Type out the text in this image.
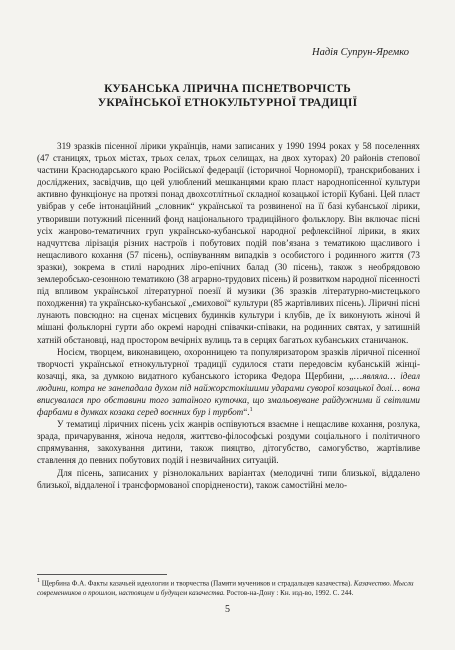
Надія Супрун-Яремко
КУБАНСЬКА ЛІРИЧНА ПІСНЕТВОРЧІСТЬ
УКРАЇНСЬКОЇ ЕТНОКУЛЬТУРНОЇ ТРАДИЦІЇ

319 зразків пісенної лірики українців, нами записаних у 1990 1994 роках у 58 поселеннях (47 станицях, трьох містах, трьох селах, трьох селищах, на двох хуторах) 20 районів степової частини Краснодарського краю Російської федерації (історичної Чорноморії), транскрибованих і досліджених, засвідчив, що цей улюблений мешканцями краю пласт народнопісенної культури активно функціонує на протязі понад двохсотлітньої складної козацької історії Кубані. Цей пласт увібрав у себе інтонаційний „словник“ української та розвиненої на її базі кубанської лірики, утворивши потужний пісенний фонд національного традиційного фольклору. Він включає пісні усіх жанрово-тематичних груп українсько-кубанської народної рефлексійної лірики, в яких надчуттєва лірізація різних настроїв і побутових подій пов’язана з тематикою щасливого і нещасливого кохання (57 пісень), оспівуванням випадків з особистого і родинного життя (73 зразки), зокрема в стилі народних ліро-епічних балад (30 пісень), також з необрядовою землеробсько-сезонною тематикою (38 аграрно-трудових пісень) й розвитком народної пісенності під впливом української літературної поезії й музики (36 зразків літературно-мистецького походження) та українсько-кубанської „ємихової“ культури (85 жартівливих пісень). Ліричні пісні лунають повсюдно: на сценах місцевих будинків культури і клубів, де їх виконують жіночі й мішані фольклорні гурти або окремі народні співачки-співаки, на родинних святах, у затишній хатній обстановці, над простором вечірніх вулиць та в серцях багатьох кубанських станичанок.

Носієм, творцем, виконавицею, охоронницею та популяризатором зразків ліричної пісенної творчості української етнокультурної традиції судилося стати передовсім кубанській жінці-козачці, яка, за думкою видатного кубанського історика Федора Щербини, „…являла… ідеал людини, котра не занепадала духом під найжорстокішими ударами суворої козацької долі… вона вписувалася про обставини того затаїного куточка, що змальовуване райдужними й світлими фарбами в думках козака серед воєнних бур і турбот“.$^1$

У тематиці ліричних пісень усіх жанрів оспівуються взаємне і нещасливе кохання, розлука, зрада, причарування, жіноча недоля, життєво-філософські роздуми соціального і політичного спрямування, закохування дитини, також пияцтво, дітогубство, самогубство, жартівливе ставлення до певних побутових подій і незвичайних ситуацій.

Для пісень, записаних у різнолокальних варіантах (мелодичні типи близької, віддалено близької, віддаленої і трансформованої споріднености), також самостійні мело-

$^1$ Щербина Ф.А. Факты казачьей идеологии и творчества (Памяти мучеников и страдальцев казачества). Казачество. Мысли современников о прошлом, настоящем и будущем казачества. Ростов-на-Дону : Кн. изд-во, 1992. С. 244.
5
